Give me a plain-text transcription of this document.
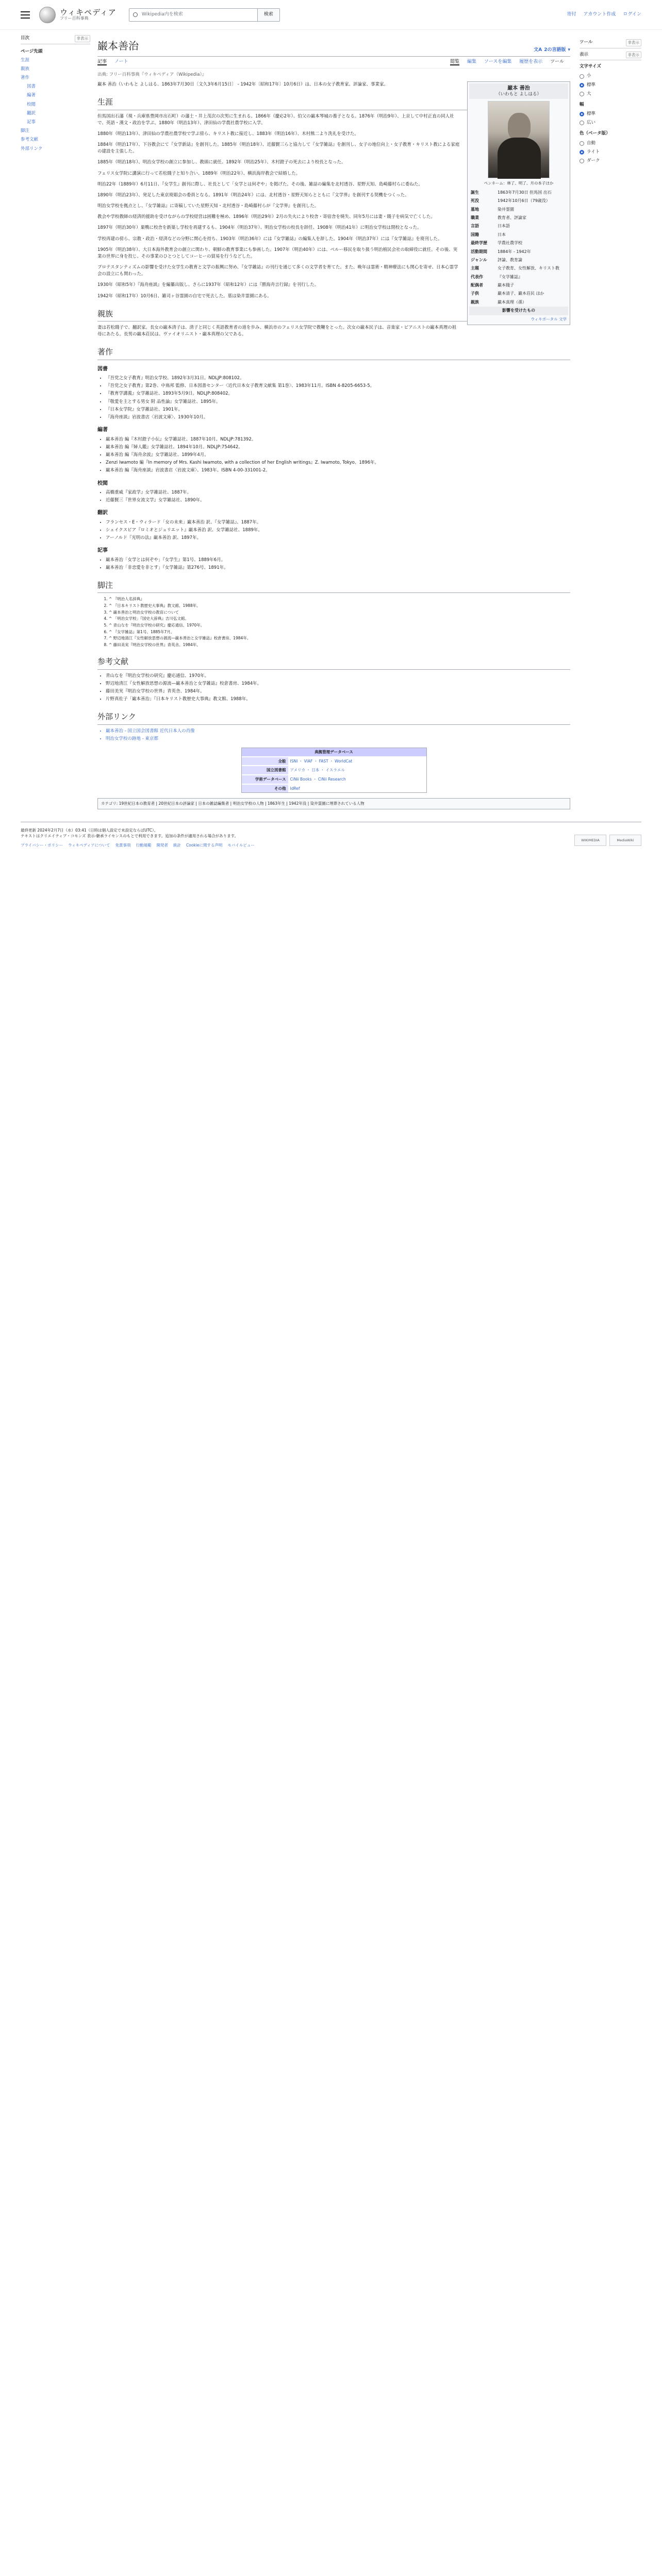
ウィキペディア
フリー百科事典
Wikipedia内を検索	検索	寄付 アカウント作成 ログイン
目次	非表示
ページ先頭
生涯
親族
著作
図書
編著
校閲
翻訳
記事
脚注
参考文献
外部リンク
巌本善治	文A 2の言語版 ▾
記事 ノート	閲覧 編集 ソースを編集 履歴を表示 ツール
出典: フリー百科事典『ウィキペディア（Wikipedia）』
巌本 善治
（いわもと よしはる）
ペンネーム：林了、明了、月の本子ほか
誕生	1863年7月30日 但馬国 出石
死没	1942年10月6日（79歳没）
墓地	染井霊園
職業	教育者、評論家
言語	日本語
国籍	日本
最終学歴	学農社農学校
活動期間	1884年 - 1942年
ジャンル	評論、教育論
主題	女子教育、女性解放、キリスト教
代表作	『女学雑誌』
配偶者	巌本賤子
子供	巌本清子、巌本荘民 ほか
親族	巌本真理（孫）
影響を受けたもの
ウィキポータル 文学

巌本 善治（いわもと よしはる、1863年7月30日〔文久3年6月15日〕 - 1942年〔昭和17年〕10月6日）は、日本の女子教育家、評論家、事業家。

生涯

但馬国出石藩（現・兵庫県豊岡市出石町）の藩士・井上茂次の次男に生まれる。1866年（慶応2年）、伯父の巌本琴城の養子となる。1876年（明治9年）、上京して中村正直の同人社で、英語・漢文・政治を学ぶ。1880年（明治13年）、津田仙の学農社農学校に入学。

1880年（明治13年）、津田仙の学農社農学校で学ぶ傍ら、キリスト教に接近し、1883年（明治16年）、木村熊二より洗礼を受けた。

1884年（明治17年）、下谷教会にて『女学新誌』を創刊した。1885年（明治18年）、近藤賢三らと協力して『女学雑誌』を創刊し、女子の地位向上・女子教育・キリスト教による家庭の建設を主張した。

1885年（明治18年）、明治女学校の創立に参加し、教頭に就任。1892年（明治25年）、木村鐙子の死去により校長となった。

フェリス女学院に講演に行って若松賤子と知り合い、1889年（明治22年）、横浜海岸教会で結婚した。

明治22年（1889年）6月11日、『女学生』創刊に際し、社長として「女学とは何ぞや」を掲げた。その後、雑誌の編集を北村透谷、星野天知、島崎藤村らに委ねた。

1890年（明治23年）、発足した東京廃娼会の委員となる。1891年（明治24年）には、北村透谷・星野天知らとともに『文学界』を創刊する契機をつくった。

明治女学校を拠点とし、『女学雑誌』に寄稿していた星野天知・北村透谷・島崎藤村らが『文学界』を創刊した。

教会や学校教師の経済的援助を受けながらの学校経営は困難を極め、1896年（明治29年）2月の失火により校舎・寄宿舎を焼失、同年5月には妻・賤子を病気で亡くした。

1897年（明治30年）巣鴨に校舎を新築し学校を再建するも、1904年（明治37年）、明治女学校の校長を辞任、1908年（明治41年）に明治女学校は閉校となった。

学校再建の傍ら、宗教・政治・経済などの分野に関心を持ち、1903年（明治36年）には『女学雑誌』の編集人を辞した。1904年（明治37年）には『女学雑誌』を廃刊した。

1905年（明治38年）、大日本海外教育会の創立に関わり、朝鮮の教育事業にも参画した。1907年（明治40年）には、ベルー移民を取り扱う明治植民会社の取締役に就任。その後、実業の世界に身を投じ、その事業のひとつとしてコーヒーの貿易を行うなどした。

プロテスタンティズムの影響を受けた女学生の教育と文学の振興に努め、『女学雑誌』の刊行を通じて多くの文学者を育てた。また、晩年は霊術・精神療法にも関心を寄せ、日本心霊学会の設立にも関わった。

1930年（昭和5年）『海舟座談』を編纂出版し、さらに1937年（昭和12年）には『勝海舟言行録』を刊行した。

1942年（昭和17年）10月6日、雑司ヶ谷霊園の自宅で死去した。墓は染井霊園にある。

親族

妻は若松賤子で、翻訳家。長女の巌本清子は、清子と同じく英語教育者の道を歩み、横浜市のフェリス女学院で教鞭をとった。次女の巌本民子は、音楽家・ピアニストの巌本真理の祖母にあたる。長男の巌本荘民は、ヴァイオリニスト・巌本真理の父である。

著作
図書
• 『吾党之女子教育』明治女学校、1892年3月31日。NDLJP:808102。
• 『吾党之女子教育』第2巻、中嶌邦 監修、日本図書センター〈近代日本女子教育文献集 第1巻〉、1983年11月。ISBN 4-8205-6653-5。
• 『教育学講義』女学雑誌社、1893年5月9日。NDLJP:808402。
• 『敬愛を主とする男女 附 品性論』女学雑誌社、1895年。
• 『日本女学院』女学雑誌社、1901年。
• 『海舟座談』岩波書店〈岩波文庫〉、1930年10月。
編著
• 巌本善治 編『木村鐙子小伝』女学雑誌社、1887年10月。NDLJP:781392。
• 巌本善治 編『婦人鑑』女学雑誌社、1894年10月。NDLJP:754642。
• 巌本善治 編『海舟余波』女学雑誌社、1899年4月。
• Zenzi Iwamoto 編『In memory of Mrs. Kashi Iwamoto, with a collection of her English writings』Z. Iwamoto, Tokyo、1896年。
• 巌本善治 編『海舟座談』岩波書店〈岩波文庫〉、1983年。ISBN 4-00-331001-2。
校閲
• 高橋重威『家政学』女学雑誌社、1887年。
• 近藤賢三『世界女流文学』女学雑誌社、1890年。
翻訳
• フランセス・E・ウィラード「女の未来」巌本善治 訳、『女学雑誌』、1887年。
• シェイクスピア『ロミオとジュリエット』巌本善治 訳、女学雑誌社、1889年。
• アーノルド『光明の法』巌本善治 訳、1897年。
記事
• 巌本善治「女学とは何ぞや」『女学生』第1号、1889年6月。
• 巌本善治「非恋愛を非とす」『女学雑誌』第276号、1891年。
脚注
1. ^ 『明治人名辞典』
2. ^ 『日本キリスト教歴史大事典』教文館、1988年。
3. ^ 巌本善治と明治女学校の教育について
4. ^ 「明治女学校」『国史大辞典』吉川弘文館。
5. ^ 青山なを『明治女学校の研究』慶応通信、1970年。
6. ^ 『女学雑誌』第1号、1885年7月。
7. ^ 野辺地清江『女性解放思想の源流―巌本善治と女学雑誌』校倉書房、1984年。
8. ^ 藤田美実『明治女学校の世界』青英舎、1984年。
参考文献
• 青山なを『明治女学校の研究』慶応通信、1970年。
• 野辺地清江『女性解放思想の源流―巌本善治と女学雑誌』校倉書房、1984年。
• 藤田美実『明治女学校の世界』青英舎、1984年。
• 片野真佐子「巌本善治」『日本キリスト教歴史大事典』教文館、1988年。
外部リンク
• 巌本善治 - 国立国会図書館 近代日本人の肖像
• 明治女学校の跡地 - 東京都
典拠管理データベース
全般	ISNI ・ VIAF ・ FAST ・ WorldCat
国立図書館	アメリカ ・ 日本 ・ イスラエル
学術データベース	CiNii Books ・ CiNii Research
その他	IdRef
カテゴリ: 19世紀日本の教育者 | 20世紀日本の評論家 | 日本の雑誌編集者 | 明治女学校の人物 | 1863年生 | 1942年没 | 染井霊園に埋葬されている人物
ツール	非表示
表示	非表示
文字サイズ
小
標準
大
幅
標準
広い
色（ベータ版）
自動
ライト
ダーク
最終更新 2024年2月7日（水）03:41（日時は個人設定で未設定ならばUTC）。
テキストはクリエイティブ・コモンズ 表示-継承ライセンスのもとで利用できます。追加の条件が適用される場合があります。
プライバシー・ポリシー ウィキペディアについて 免責事項 行動規範 開発者 統計 Cookieに関する声明 モバイルビュー
WIKIMEDIA	MediaWiki
